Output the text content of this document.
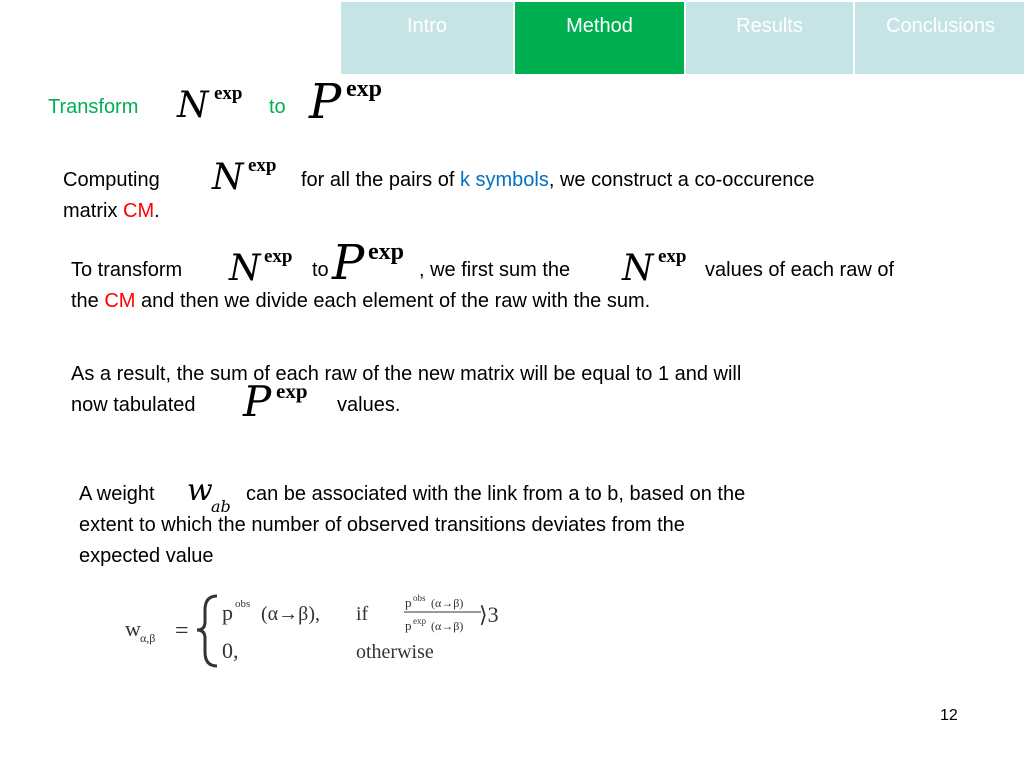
Intro	Method	Results	Conclusions
Transform N exp
to P exp
Computing N exp
for all the pairs of k symbols, we construct a co-occurence
matrix CM.
To transform N exp
to P exp
, we first sum the N exp
values of each raw of
the CM and then we divide each element of the raw with the sum.
As a result, the sum of each raw of the new matrix will be equal to 1 and will
now tabulated P exp
values.
A weight w
ab
can be associated with the link from a to b, based on the
extent to which the number of observed transitions deviates from the
expected value
w α,β =
p obs (α→β), if
p obs (α→β)
p exp (α→β) ⟩3
0,	otherwise
12
